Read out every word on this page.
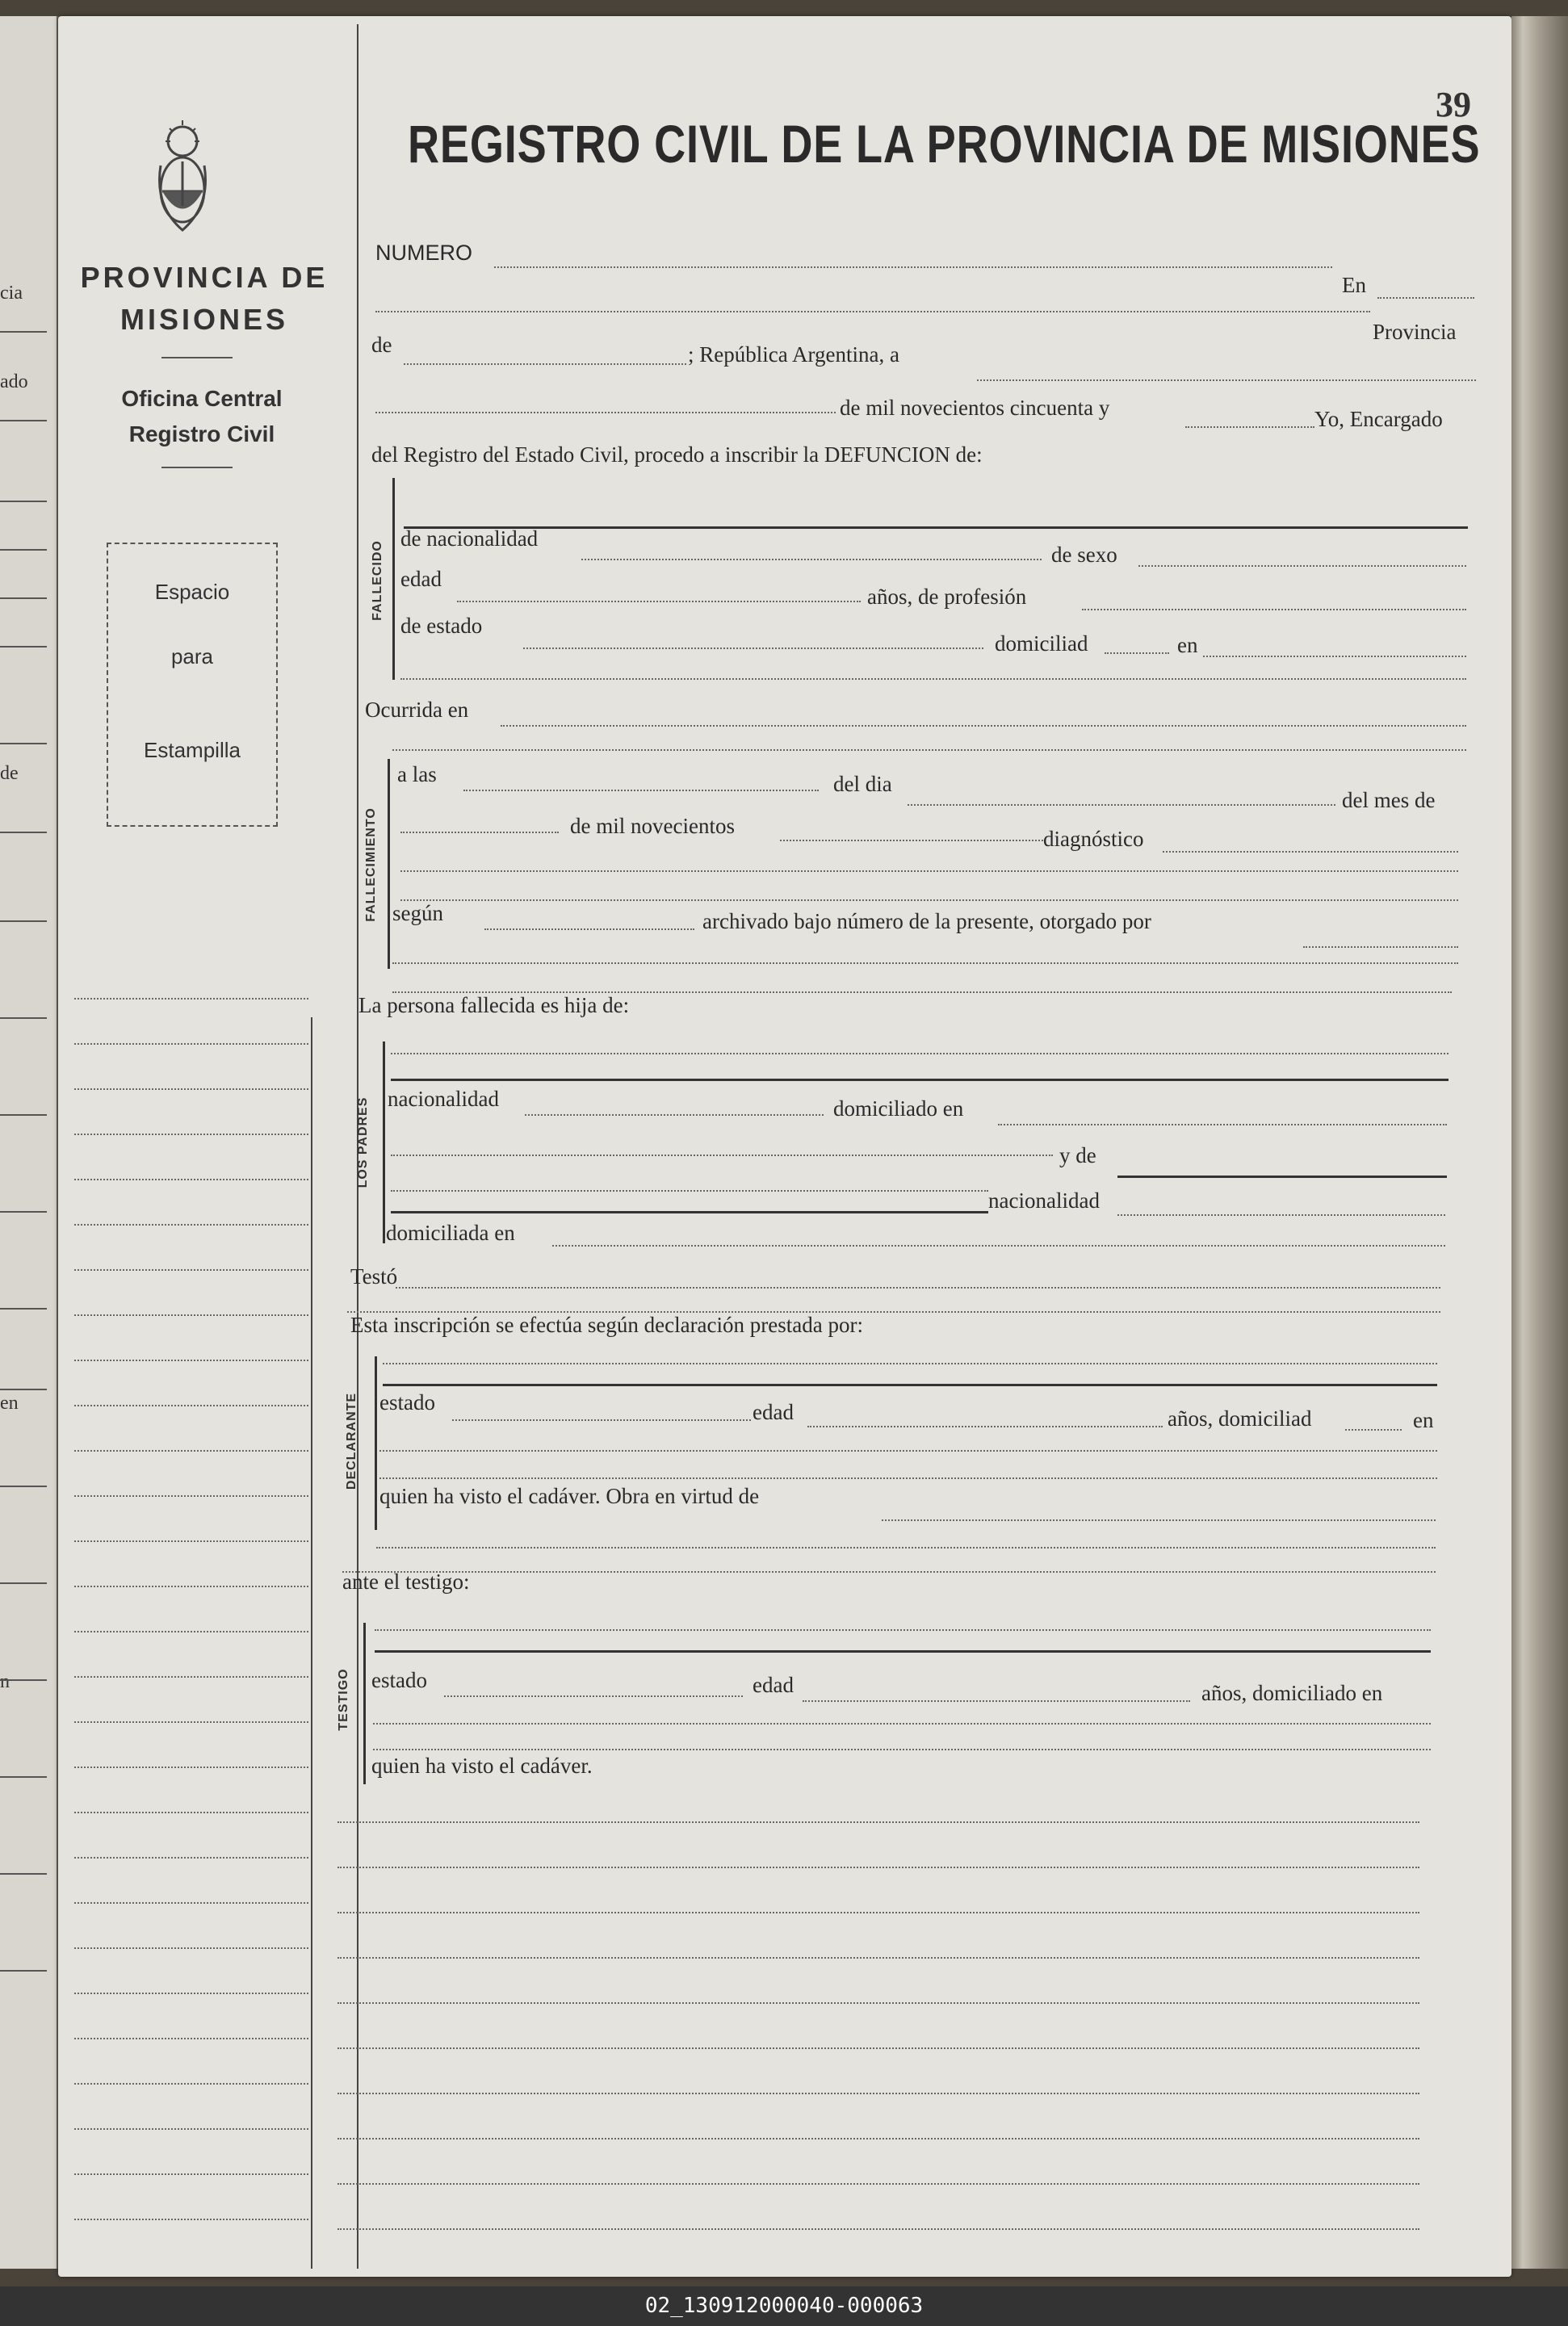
cia
ado
de
en
n
PROVINCIA DE
MISIONES
Oficina Central
Registro Civil
Espacio
para
Estampilla
39
REGISTRO CIVIL DE LA PROVINCIA DE MISIONES
NUMERO
En
Provincia
de	; República Argentina, a
de mil novecientos cincuenta y	Yo, Encargado
del Registro del Estado Civil, procedo a inscribir la DEFUNCION de:
FALLECIDO
de nacionalidad
de sexo
edad
años, de profesión
de estado
domiciliad	en
Ocurrida en
FALLECIMIENTO
a las	del dia
del mes de
de mil novecientos
diagnóstico
según	archivado bajo número de la presente, otorgado por
La persona fallecida es hija de:
LOS PADRES nacionalidad	domiciliado en
y de
nacionalidad
domiciliada en
Testó
Esta inscripción se efectúa según declaración prestada por:
DECLARANTE estado	edad	años, domiciliad	en
quien ha visto el cadáver. Obra en virtud de
ante el testigo:
TESTIGO estado	edad	años, domiciliado en
quien ha visto el cadáver.
02_130912000040-000063
